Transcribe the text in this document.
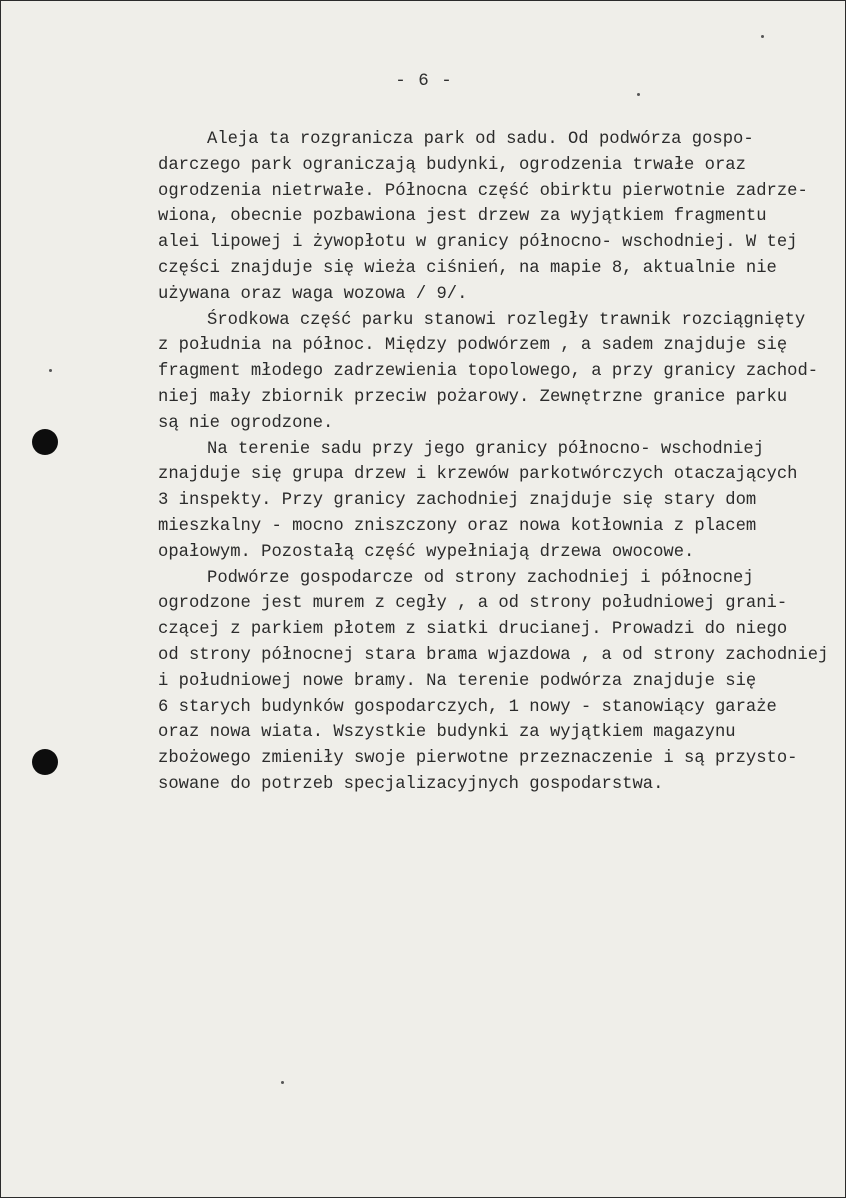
- 6 -
Aleja ta rozgranicza park od sadu. Od podwórza gospo-
darczego park ograniczają budynki, ogrodzenia trwałe oraz
ogrodzenia nietrwałe. Północna część obirktu pierwotnie zadrze-
wiona, obecnie pozbawiona jest drzew za wyjątkiem fragmentu
alei lipowej i żywopłotu w granicy północno- wschodniej. W tej
części znajduje się wieża ciśnień, na mapie 8, aktualnie nie
używana oraz waga wozowa / 9/.
Środkowa część parku stanowi rozległy trawnik rozciągnięty
z południa na północ. Między podwórzem , a sadem znajduje się
fragment młodego zadrzewienia topolowego, a przy granicy zachod-
niej mały zbiornik przeciw pożarowy. Zewnętrzne granice parku
są nie ogrodzone.
Na terenie sadu przy jego granicy północno- wschodniej
znajduje się grupa drzew i krzewów parkotwórczych otaczających
3 inspekty. Przy granicy zachodniej znajduje się stary dom
mieszkalny - mocno zniszczony oraz nowa kotłownia z placem
opałowym. Pozostałą część wypełniają drzewa owocowe.
Podwórze gospodarcze od strony zachodniej i północnej
ogrodzone jest murem z cegły , a od strony południowej grani-
czącej z parkiem płotem z siatki drucianej. Prowadzi do niego
od strony północnej stara brama wjazdowa , a od strony zachodniej
i południowej nowe bramy. Na terenie podwórza znajduje się
6 starych budynków gospodarczych, 1 nowy - stanowiący garaże
oraz nowa wiata. Wszystkie budynki za wyjątkiem magazynu
zbożowego zmieniły swoje pierwotne przeznaczenie i są przysto-
sowane do potrzeb specjalizacyjnych gospodarstwa.
